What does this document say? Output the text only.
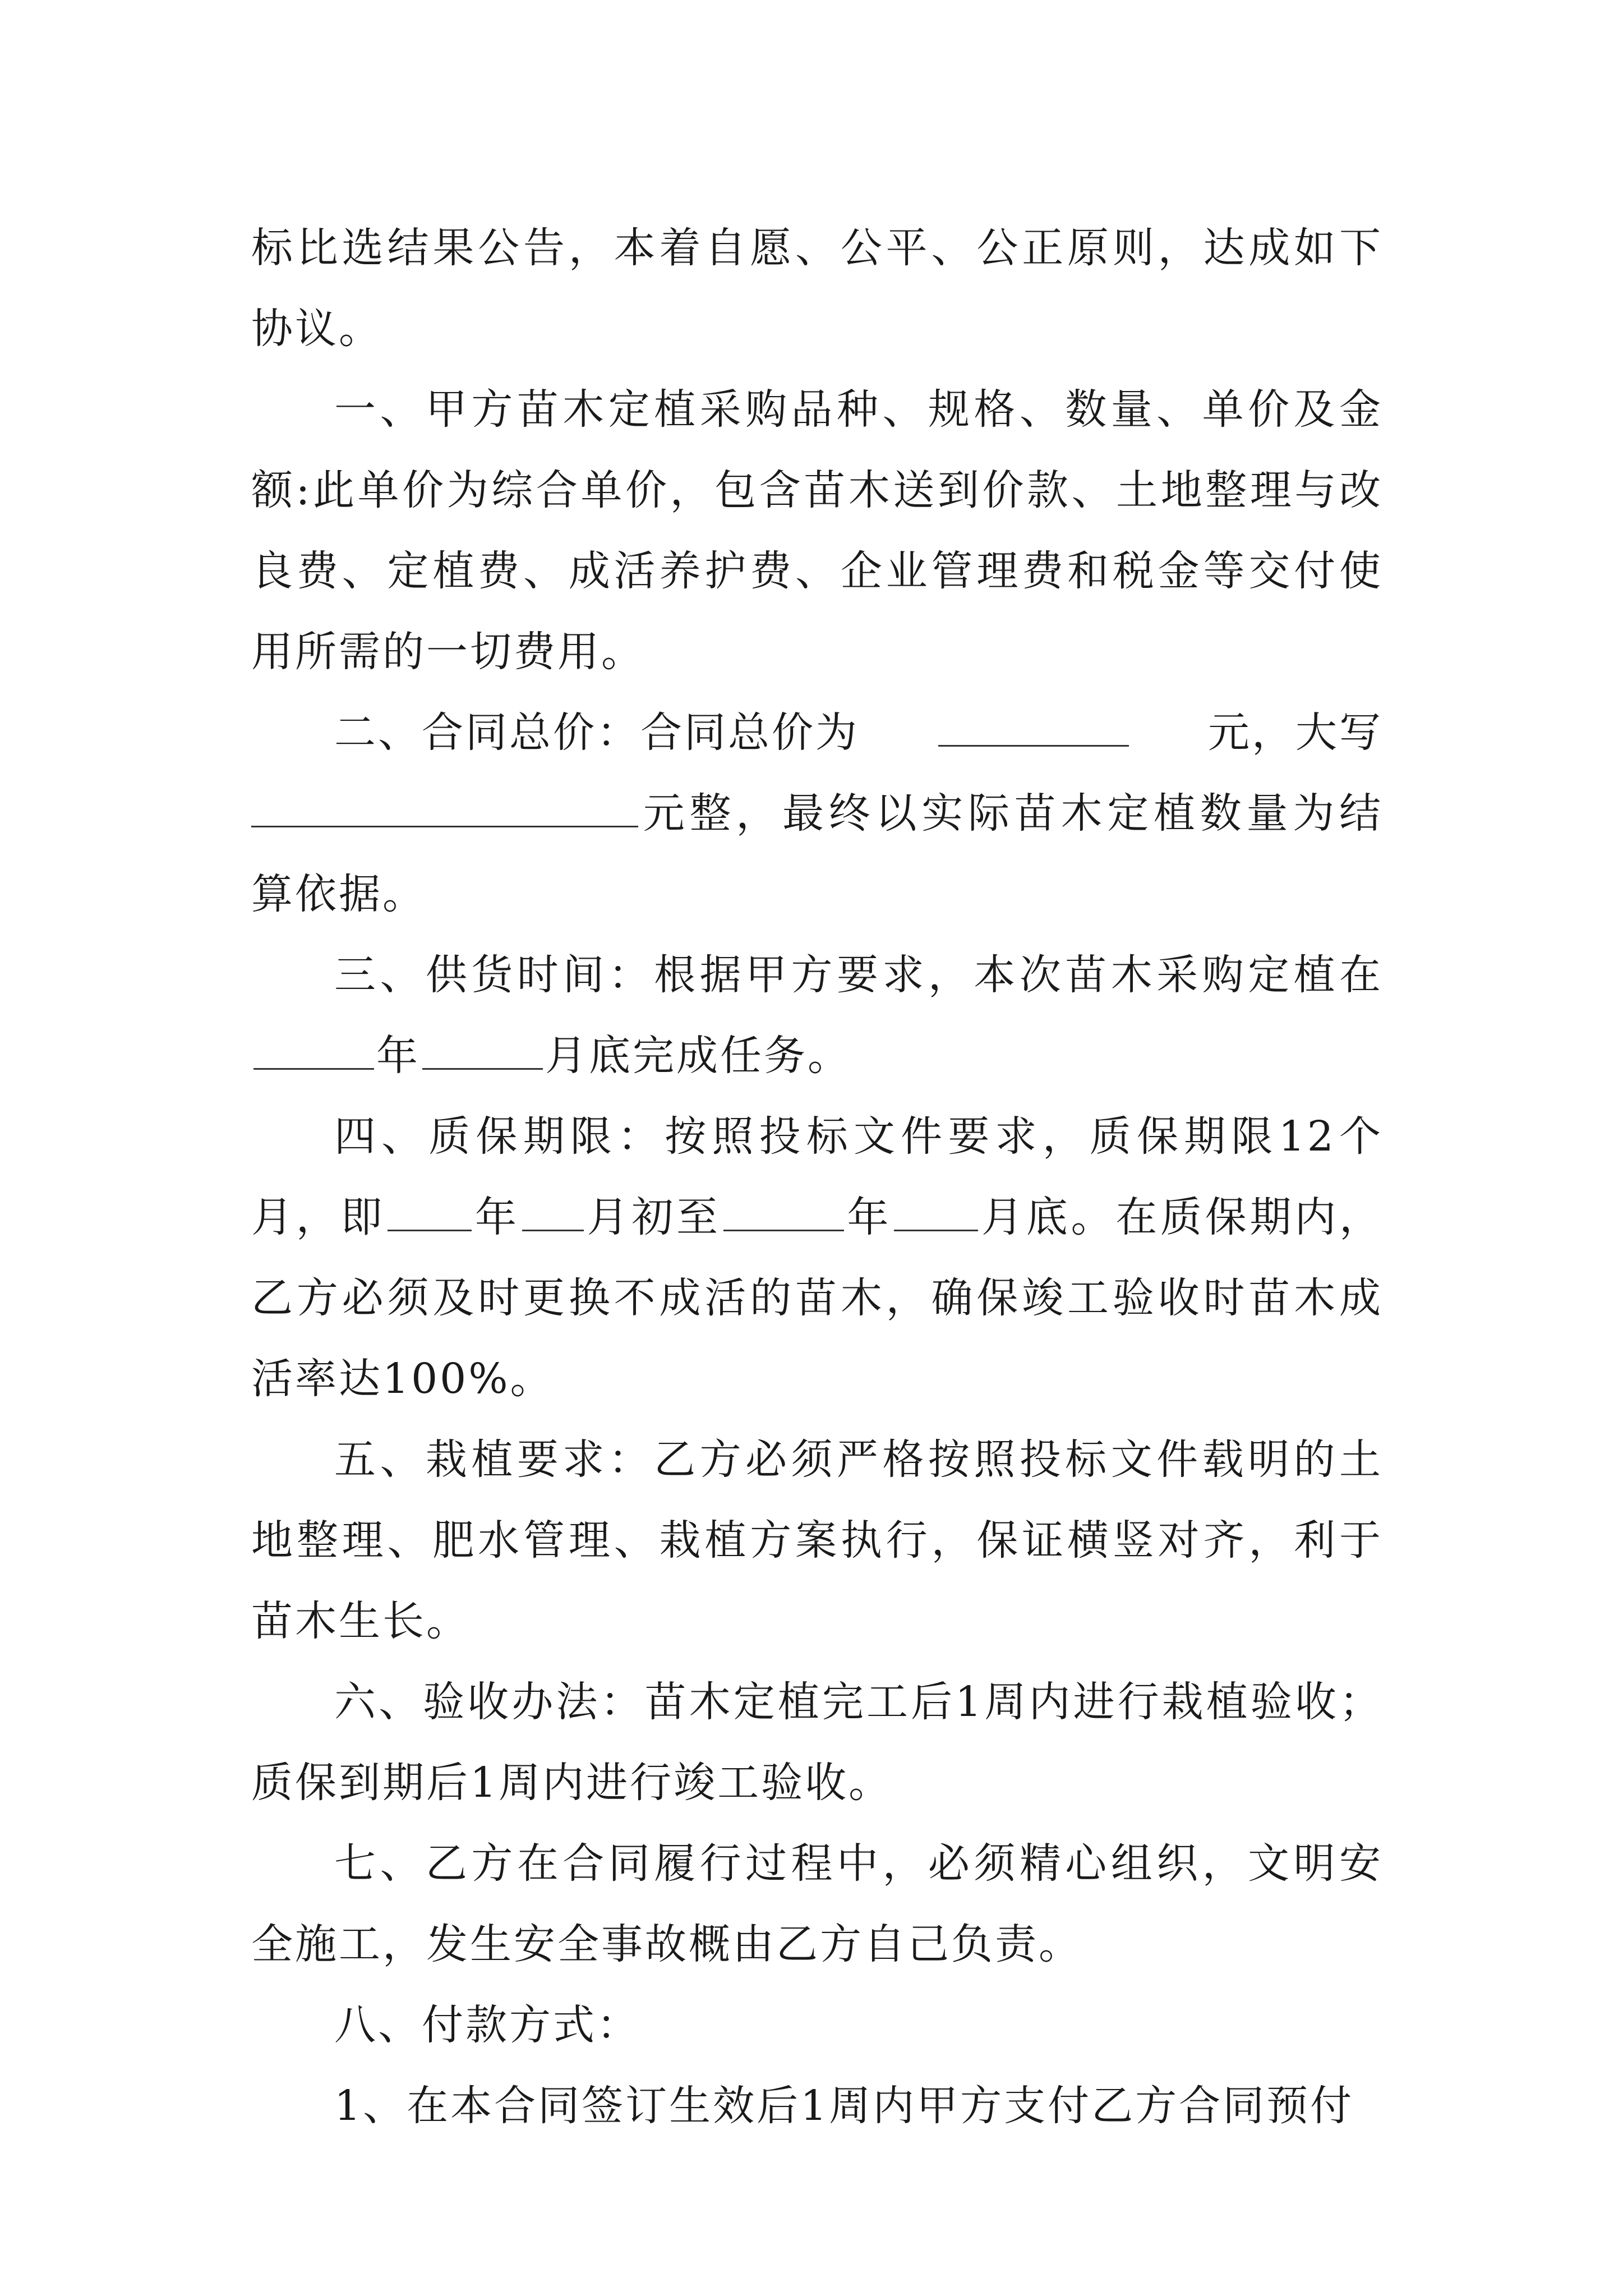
标比选结果公告，本着自愿、公平、公正原则，达成如下协议。

一、甲方苗木定植采购品种、规格、数量、单价及金额:此单价为综合单价，包含苗木送到价款、土地整理与改良费、定植费、成活养护费、企业管理费和税金等交付使用所需的一切费用。

二、合同总价：合同总价为	元，大写

元整，最终以实际苗木定植数量为结算依据。

三、供货时间：根据甲方要求，本次苗木采购定植在年	月底完成任务。

四、质保期限：按照投标文件要求，质保期限12个月，即 年 月初至	年 月底。在质保期内，乙方必须及时更换不成活的苗木，确保竣工验收时苗木成活率达100%。

五、栽植要求：乙方必须严格按照投标文件载明的土地整理、肥水管理、栽植方案执行，保证横竖对齐，利于苗木生长。

六、验收办法：苗木定植完工后1周内进行栽植验收；质保到期后1周内进行竣工验收。

七、乙方在合同履行过程中，必须精心组织，文明安全施工，发生安全事故概由乙方自己负责。

八、付款方式：

1、在本合同签订生效后1周内甲方支付乙方合同预付
